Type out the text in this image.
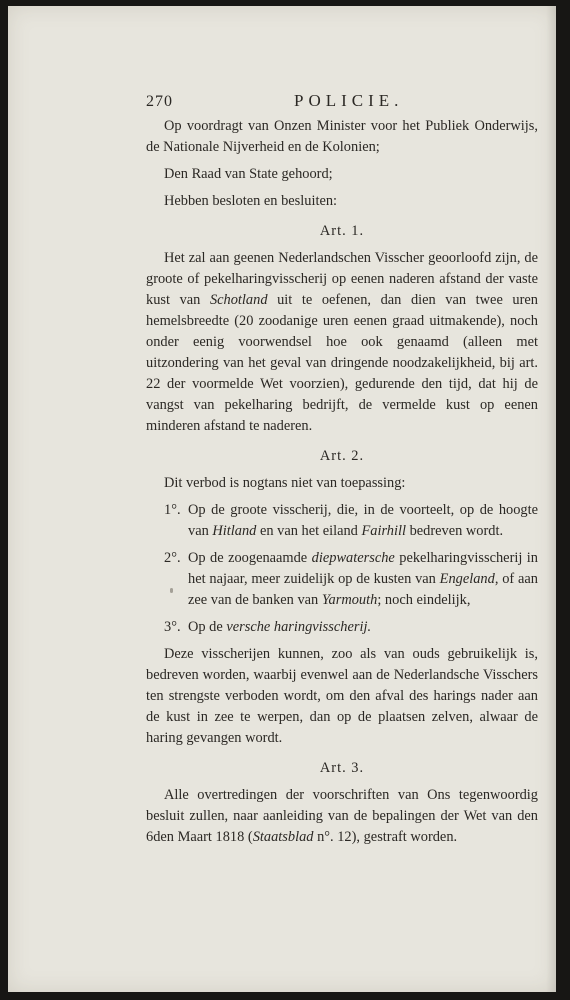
270	POLICIE.

Op voordragt van Onzen Minister voor het Publiek Onderwijs, de Nationale Nijverheid en de Kolonien;

Den Raad van State gehoord;

Hebben besloten en besluiten:

Art. 1.

Het zal aan geenen Nederlandschen Visscher geoorloofd zijn, de groote of pekelharingvisscherij op eenen naderen afstand der vaste kust van Schotland uit te oefenen, dan dien van twee uren hemelsbreedte (20 zoodanige uren eenen graad uitmakende), noch onder eenig voorwendsel hoe ook genaamd (alleen met uitzondering van het geval van dringende noodzakelijkheid, bij art. 22 der voormelde Wet voorzien), gedurende den tijd, dat hij de vangst van pekelharing bedrijft, de vermelde kust op eenen minderen afstand te naderen.

Art. 2.

Dit verbod is nogtans niet van toepassing:

1°. Op de groote visscherij, die, in de voorteelt, op de hoogte van Hitland en van het eiland Fairhill bedreven wordt.
2°. Op de zoogenaamde diepwatersche pekelharingvisscherij in het najaar, meer zuidelijk op de kusten van Engeland, of aan zee van de banken van Yarmouth; noch eindelijk,
3°. Op de versche haringvisscherij.

Deze visscherijen kunnen, zoo als van ouds gebruikelijk is, bedreven worden, waarbij evenwel aan de Nederlandsche Visschers ten strengste verboden wordt, om den afval des harings nader aan de kust in zee te werpen, dan op de plaatsen zelven, alwaar de haring gevangen wordt.

Art. 3.

Alle overtredingen der voorschriften van Ons tegenwoordig besluit zullen, naar aanleiding van de bepalingen der Wet van den 6den Maart 1818 (Staatsblad n°. 12), gestraft worden.
